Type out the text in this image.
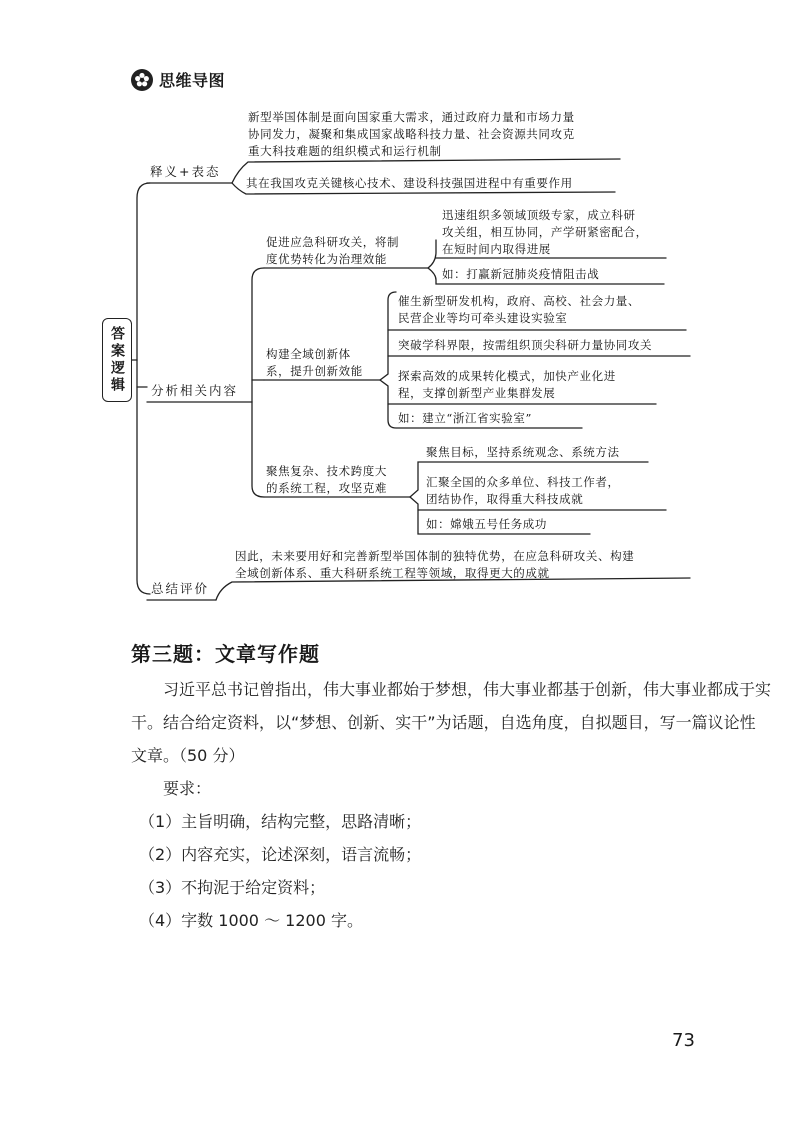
思维导图
答案逻辑
释义+表态

新型举国体制是面向国家重大需求，通过政府力量和市场力量

协同发力，凝聚和集成国家战略科技力量、社会资源共同攻克

重大科技难题的组织模式和运行机制

其在我国攻克关键核心技术、建设科技强国进程中有重要作用
分析相关内容

促进应急科研攻关，将制

度优势转化为治理效能

迅速组织多领域顶级专家，成立科研

攻关组，相互协同，产学研紧密配合，

在短时间内取得进展

如：打赢新冠肺炎疫情阻击战

构建全域创新体

系，提升创新效能

催生新型研发机构，政府、高校、社会力量、

民营企业等均可牵头建设实验室

突破学科界限，按需组织顶尖科研力量协同攻关

探索高效的成果转化模式，加快产业化进

程，支撑创新型产业集群发展

如：建立“浙江省实验室”

聚焦复杂、技术跨度大

的系统工程，攻坚克难

聚焦目标，坚持系统观念、系统方法

汇聚全国的众多单位、科技工作者，

团结协作，取得重大科技成就

如：嫦娥五号任务成功

总结评价

因此，未来要用好和完善新型举国体制的独特优势，在应急科研攻关、构建

全域创新体系、重大科研系统工程等领域，取得更大的成就

第三题：文章写作题

习近平总书记曾指出，伟大事业都始于梦想，伟大事业都基于创新，伟大事业都成于实

干。结合给定资料，以“梦想、创新、实干”为话题，自选角度，自拟题目，写一篇议论性

文章。（50 分）

要求：

（1）主旨明确，结构完整，思路清晰；

（2）内容充实，论述深刻，语言流畅；

（3）不拘泥于给定资料；

（4）字数 1000 ～ 1200 字。

73
